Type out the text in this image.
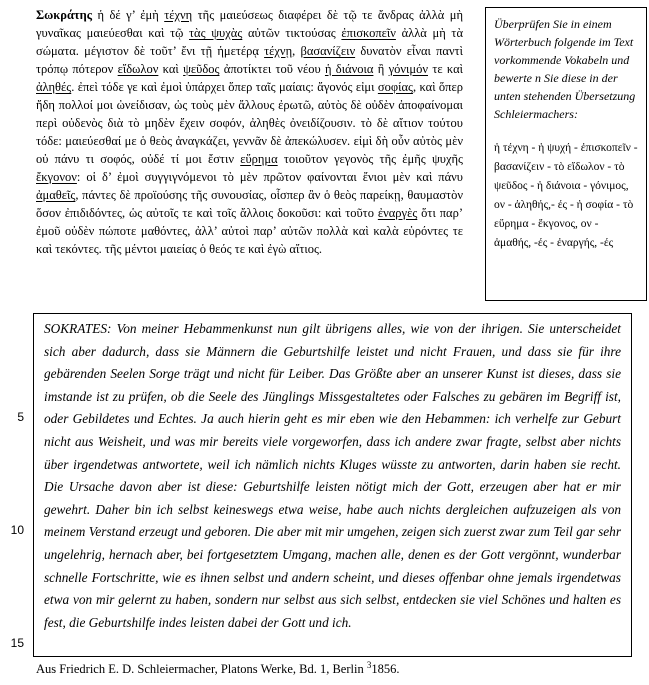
Σωκράτης ἡ δέ γ’ ἐμὴ τέχνη τῆς μαιεύσεως διαφέρει δὲ τῷ τε ἄνδρας ἀλλὰ μὴ γυναῖκας μαιεύεσθαι καὶ τῷ τὰς ψυχὰς αὐτῶν τικτούσας ἐπισκοπεῖν ἀλλὰ μὴ τὰ σώματα. μέγιστον δὲ τοῦτ’ ἔνι τῇ ἡμετέρᾳ τέχνῃ, βασανίζειν δυνατὸν εἶναι παντὶ τρόπῳ πότερον εἴδωλον καὶ ψεῦδος ἀποτίκτει τοῦ νέου ἡ διάνοια ἢ γόνιμόν τε καὶ ἀληθές. ἐπεὶ τόδε γε καὶ ἐμοὶ ὑπάρχει ὅπερ ταῖς μαίαις: ἄγονός εἰμι σοφίας, καὶ ὅπερ ἤδη πολλοί μοι ὠνείδισαν, ὡς τοὺς μὲν ἄλλους ἐρωτῶ, αὐτὸς δὲ οὐδὲν ἀποφαίνομαι περὶ οὐδενὸς διὰ τὸ μηδὲν ἔχειν σοφόν, ἀληθὲς ὀνειδίζουσιν. τὸ δὲ αἴτιον τούτου τόδε: μαιεύεσθαί με ὁ θεὸς ἀναγκάζει, γεννᾶν δὲ ἀπεκώλυσεν. εἰμὶ δὴ οὖν αὐτὸς μὲν οὐ πάνυ τι σοφός, οὐδέ τί μοι ἔστιν εὕρημα τοιοῦτον γεγονὸς τῆς ἐμῆς ψυχῆς ἔκγονον: οἱ δ’ ἐμοὶ συγγιγνόμενοι τὸ μὲν πρῶτον φαίνονται ἔνιοι μὲν καὶ πάνυ ἀμαθεῖς, πάντες δὲ προϊούσης τῆς συνουσίας, οἷσπερ ἂν ὁ θεὸς παρείκῃ, θαυμαστὸν ὅσον ἐπιδιδόντες, ὡς αὐτοῖς τε καὶ τοῖς ἄλλοις δοκοῦσι: καὶ τοῦτο ἐναργὲς ὅτι παρ’ ἐμοῦ οὐδὲν πώποτε μαθόντες, ἀλλ’ αὐτοὶ παρ’ αὐτῶν πολλὰ καὶ καλὰ εὑρόντες τε καὶ τεκόντες. τῆς μέντοι μαιείας ὁ θεός τε καὶ ἐγὼ αἴτιος.
Überprüfen Sie in einem Wörterbuch folgende im Text vorkommende Vokabeln und bewerte n Sie diese in der unten stehenden Übersetzung Schleiermachers:
ἡ τέχνη - ἡ ψυχή - ἐπισκοπεῖν - βασανίζειν - τὸ εἴδωλον - τὸ ψεῦδος - ἡ διάνοια - γόνιμος, ον - ἀληθής,- ές - ἡ σοφία - τὸ εὕρημα - ἔκγονος, ον - ἀμαθής, -ές - ἐναργής, -ές
5
10
15
SOKRATES: Von meiner Hebammenkunst nun gilt übrigens alles, wie von der ihrigen. Sie unterscheidet sich aber dadurch, dass sie Männern die Geburtshilfe leistet und nicht Frauen, und dass sie für ihre gebärenden Seelen Sorge trägt und nicht für Leiber. Das Größte aber an unserer Kunst ist dieses, dass sie imstande ist zu prüfen, ob die Seele des Jünglings Missgestaltetes oder Falsches zu gebären im Begriff ist, oder Gebildetes und Echtes. Ja auch hierin geht es mir eben wie den Hebammen: ich verhelfe zur Geburt nicht aus Weisheit, und was mir bereits viele vorgeworfen, dass ich andere zwar fragte, selbst aber nichts über irgendetwas antwortete, weil ich nämlich nichts Kluges wüsste zu antworten, darin haben sie recht. Die Ursache davon aber ist diese: Geburtshilfe leisten nötigt mich der Gott, erzeugen aber hat er mir gewehrt. Daher bin ich selbst keineswegs etwa weise, habe auch nichts dergleichen aufzuzeigen als von meinem Verstand erzeugt und geboren. Die aber mit mir umgehen, zeigen sich zuerst zwar zum Teil gar sehr ungelehrig, hernach aber, bei fortgesetztem Umgang, machen alle, denen es der Gott vergönnt, wunderbar schnelle Fortschritte, wie es ihnen selbst und andern scheint, und dieses offenbar ohne jemals irgendetwas etwa von mir gelernt zu haben, sondern nur selbst aus sich selbst, entdecken sie viel Schönes und halten es fest, die Geburtshilfe indes leisten dabei der Gott und ich.
Aus Friedrich E. D. Schleiermacher, Platons Werke, Bd. 1, Berlin $^3$1856.
